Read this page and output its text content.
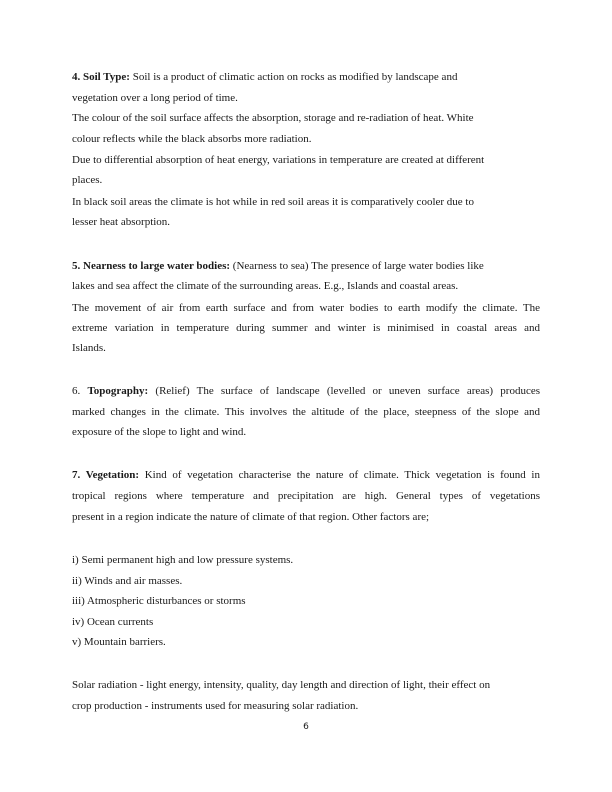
4. Soil Type: Soil is a product of climatic action on rocks as modified by landscape and
vegetation over a long period of time.
The colour of the soil surface affects the absorption, storage and re-radiation of heat. White
colour reflects while the black absorbs more radiation.
Due to differential absorption of heat energy, variations in temperature are created at different
places.
In black soil areas the climate is hot while in red soil areas it is comparatively cooler due to
lesser heat absorption.
5. Nearness to large water bodies: (Nearness to sea) The presence of large water bodies like
lakes and sea affect the climate of the surrounding areas. E.g., Islands and coastal areas.
The movement of air from earth surface and from water bodies to earth modify the climate. The
extreme variation in temperature during summer and winter is minimised in coastal areas and
Islands.
6. Topography: (Relief) The surface of landscape (levelled or uneven surface areas) produces
marked changes in the climate. This involves the altitude of the place, steepness of the slope and
exposure of the slope to light and wind.
7. Vegetation: Kind of vegetation characterise the nature of climate. Thick vegetation is found in
tropical regions where temperature and precipitation are high. General types of vegetations
present in a region indicate the nature of climate of that region. Other factors are;
i) Semi permanent high and low pressure systems.
ii) Winds and air masses.
iii) Atmospheric disturbances or storms
iv) Ocean currents
v) Mountain barriers.
Solar radiation - light energy, intensity, quality, day length and direction of light, their effect on
crop production - instruments used for measuring solar radiation.
6
